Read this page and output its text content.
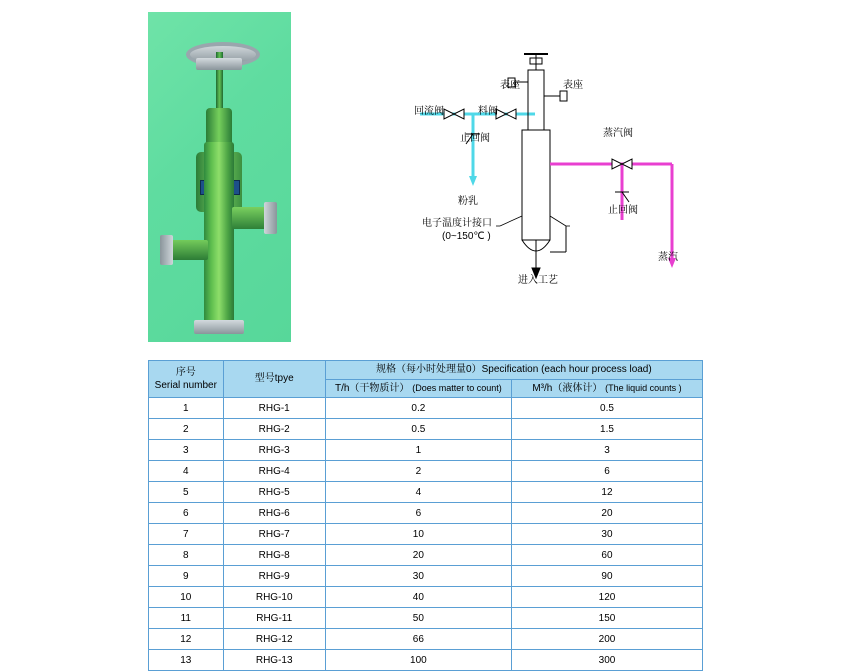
回流阀
表座
料阀
止回阀
表座
蒸汽阀
粉乳
止回阀
电子温度计接口
(0~150℃ )
进入工艺
蒸汽
序号
Serial number	型号tpye	规格（每小时处理量0）Specification (each hour process load)	
		T/h（干物质计） (Does matter to count)	M³/h（液体计） (The liquid counts )
1	RHG-1	0.2	0.5
2	RHG-2	0.5	1.5
3	RHG-3	1	3
4	RHG-4	2	6
5	RHG-5	4	12
6	RHG-6	6	20
7	RHG-7	10	30
8	RHG-8	20	60
9	RHG-9	30	90
10	RHG-10	40	120
11	RHG-11	50	150
12	RHG-12	66	200
13	RHG-13	100	300
